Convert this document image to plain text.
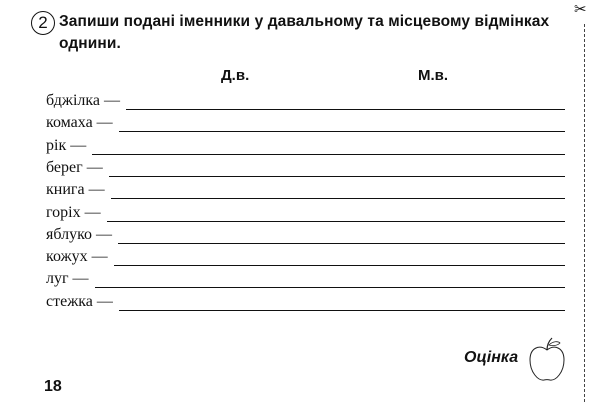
2 Запиши подані іменники у давальному та місцевому відмінках однини.
Д.в.	М.в.
бджілка —
комаха —
рік —
берег —
книга —
горіх —
яблуко —
кожух —
луг —
стежка —
✂
Оцінка
18
